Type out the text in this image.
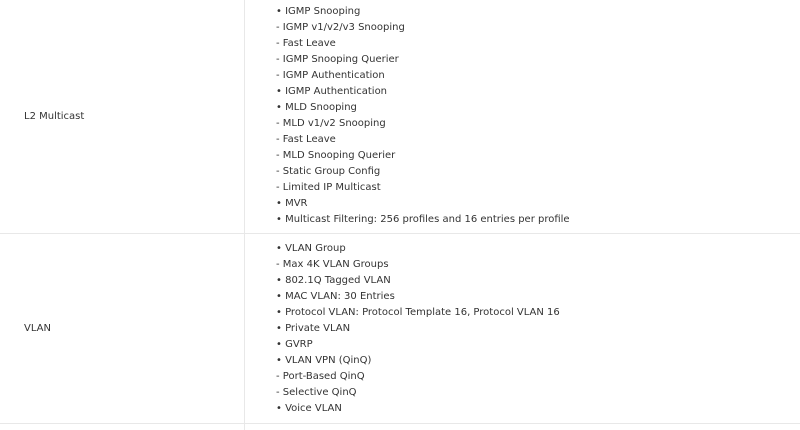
L2 Multicast
• IGMP Snooping
- IGMP v1/v2/v3 Snooping
- Fast Leave
- IGMP Snooping Querier
- IGMP Authentication
• IGMP Authentication
• MLD Snooping
- MLD v1/v2 Snooping
- Fast Leave
- MLD Snooping Querier
- Static Group Config
- Limited IP Multicast
• MVR
• Multicast Filtering: 256 profiles and 16 entries per profile
VLAN
• VLAN Group
- Max 4K VLAN Groups
• 802.1Q Tagged VLAN
• MAC VLAN: 30 Entries
• Protocol VLAN: Protocol Template 16, Protocol VLAN 16
• Private VLAN
• GVRP
• VLAN VPN (QinQ)
- Port-Based QinQ
- Selective QinQ
• Voice VLAN
